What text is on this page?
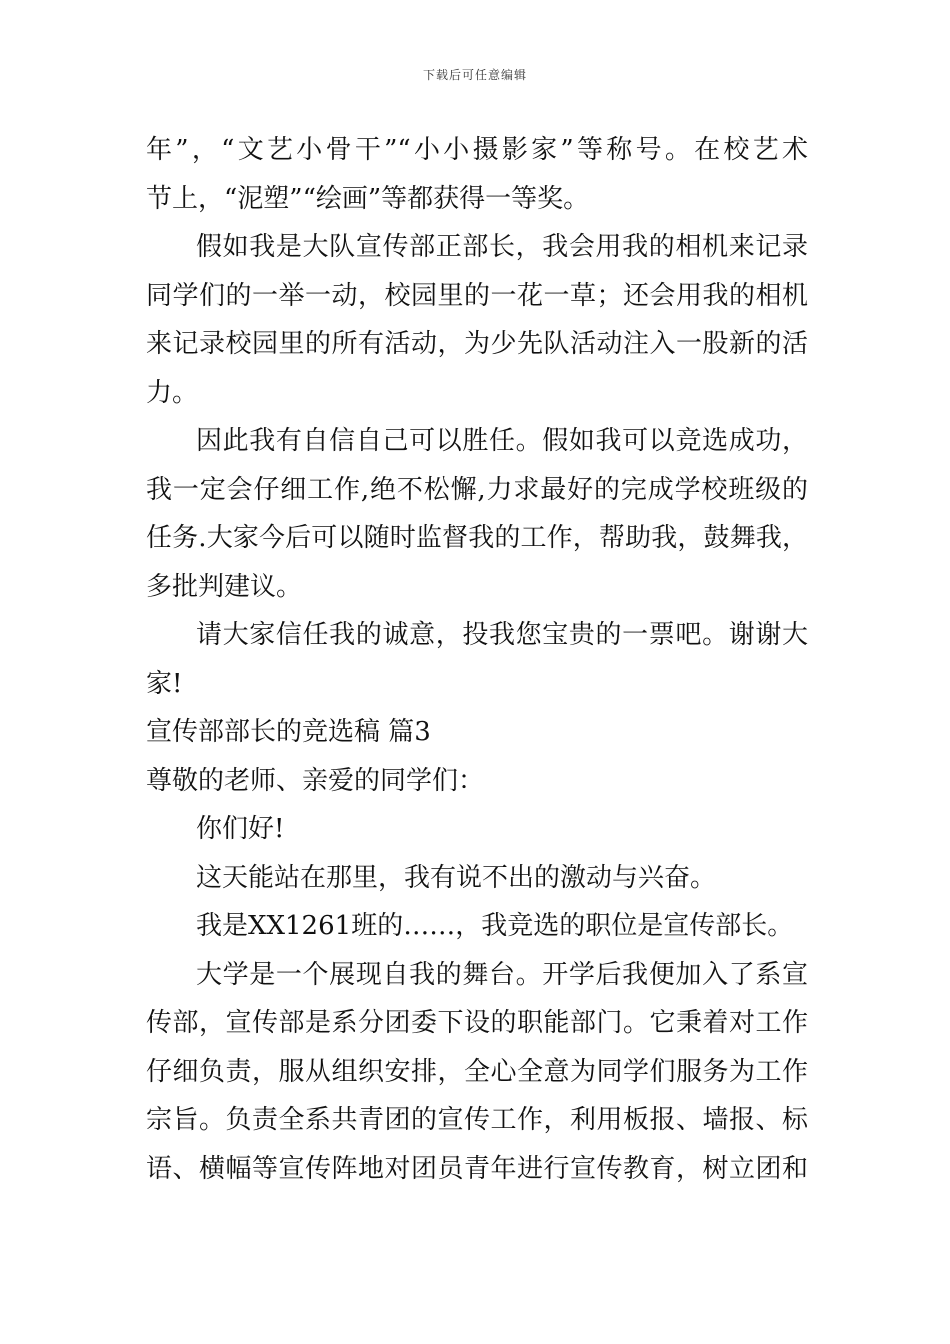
下载后可任意编辑
年”，“文艺小骨干”“小小摄影家”等称号。在校艺术
节上，“泥塑”“绘画”等都获得一等奖。
假如我是大队宣传部正部长，我会用我的相机来记录
同学们的一举一动，校园里的一花一草；还会用我的相机
来记录校园里的所有活动，为少先队活动注入一股新的活
力。
因此我有自信自己可以胜任。假如我可以竞选成功，
我一定会仔细工作,绝不松懈,力求最好的完成学校班级的
任务.大家今后可以随时监督我的工作，帮助我，鼓舞我，
多批判建议。
请大家信任我的诚意，投我您宝贵的一票吧。谢谢大
家!
宣传部部长的竞选稿 篇3
尊敬的老师、亲爱的同学们：
你们好!
这天能站在那里，我有说不出的激动与兴奋。
我是XX1261班的……，我竞选的职位是宣传部长。
大学是一个展现自我的舞台。开学后我便加入了系宣
传部，宣传部是系分团委下设的职能部门。它秉着对工作
仔细负责，服从组织安排，全心全意为同学们服务为工作
宗旨。负责全系共青团的宣传工作，利用板报、墙报、标
语、横幅等宣传阵地对团员青年进行宣传教育，树立团和
